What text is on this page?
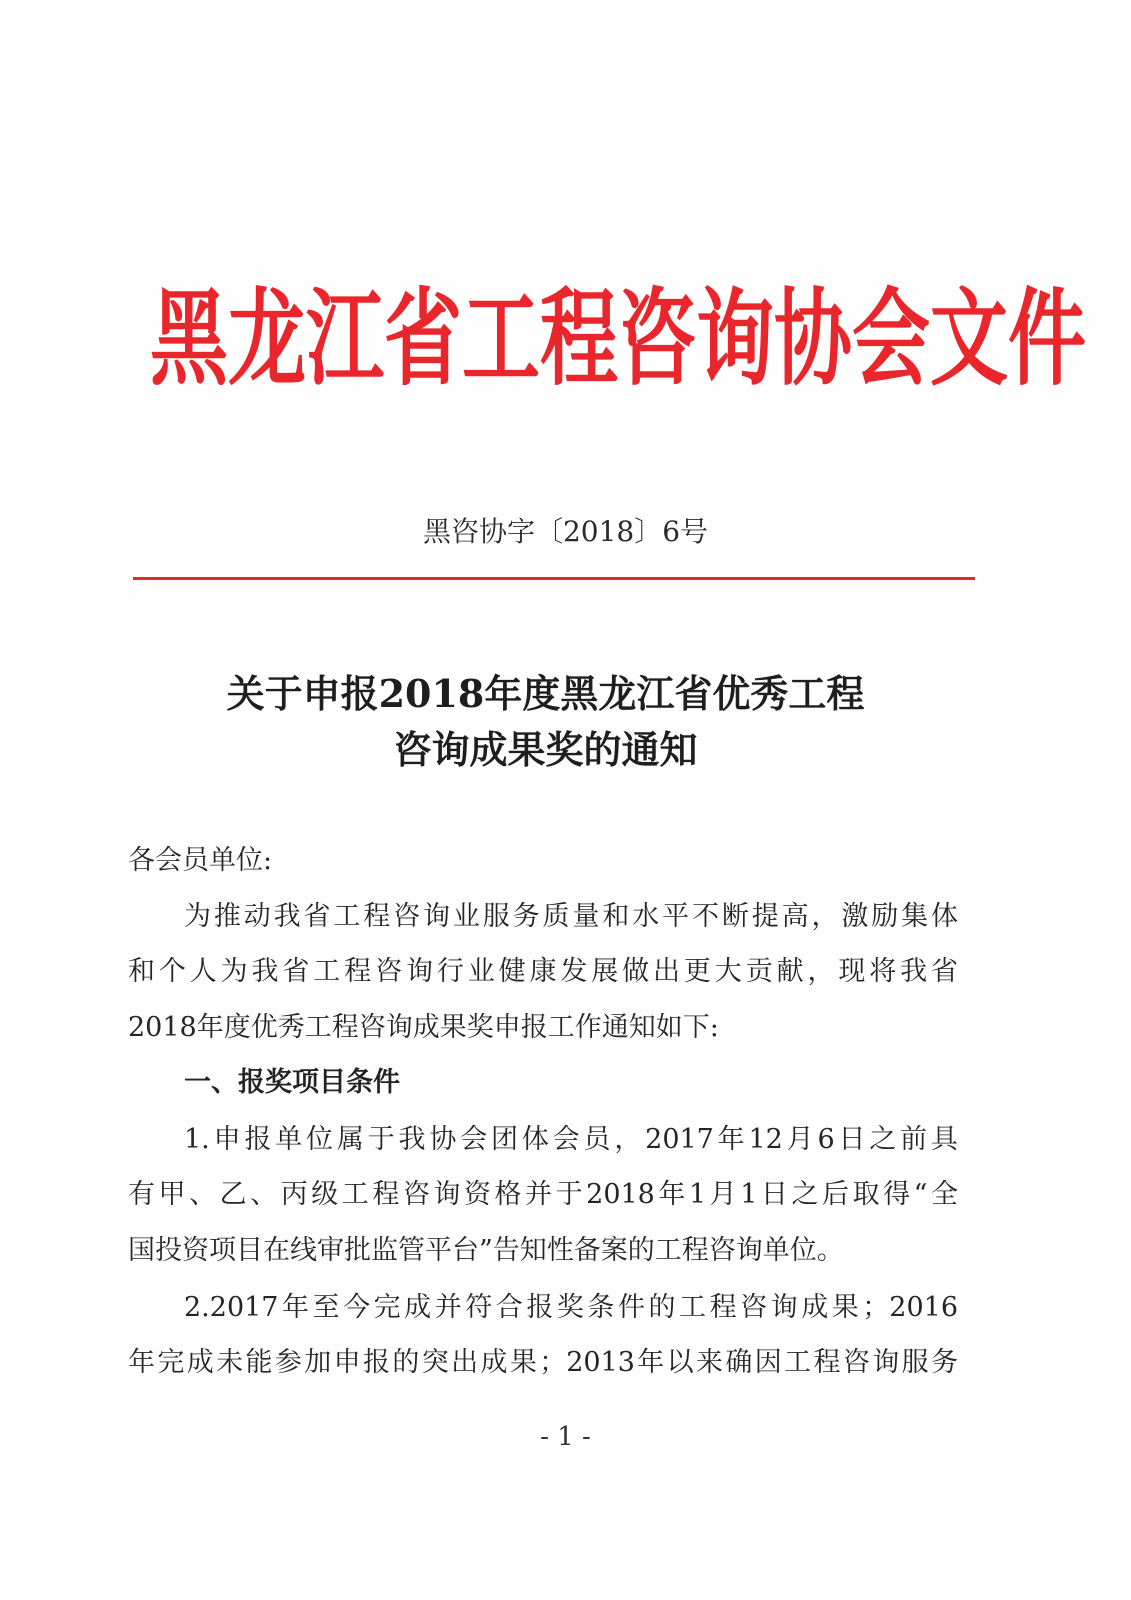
黑龙江省工程咨询协会文件
黑咨协字〔2018〕6号
关于申报2018年度黑龙江省优秀工程
咨询成果奖的通知
各会员单位:
为推动我省工程咨询业服务质量和水平不断提高，激励集体
和个人为我省工程咨询行业健康发展做出更大贡献，现将我省
2018年度优秀工程咨询成果奖申报工作通知如下:
一、报奖项目条件
1.申报单位属于我协会团体会员，2017年12月6日之前具
有甲、乙、丙级工程咨询资格并于2018年1月1日之后取得“全
国投资项目在线审批监管平台”告知性备案的工程咨询单位。
2.2017年至今完成并符合报奖条件的工程咨询成果；2016
年完成未能参加申报的突出成果；2013年以来确因工程咨询服务
- 1 -
